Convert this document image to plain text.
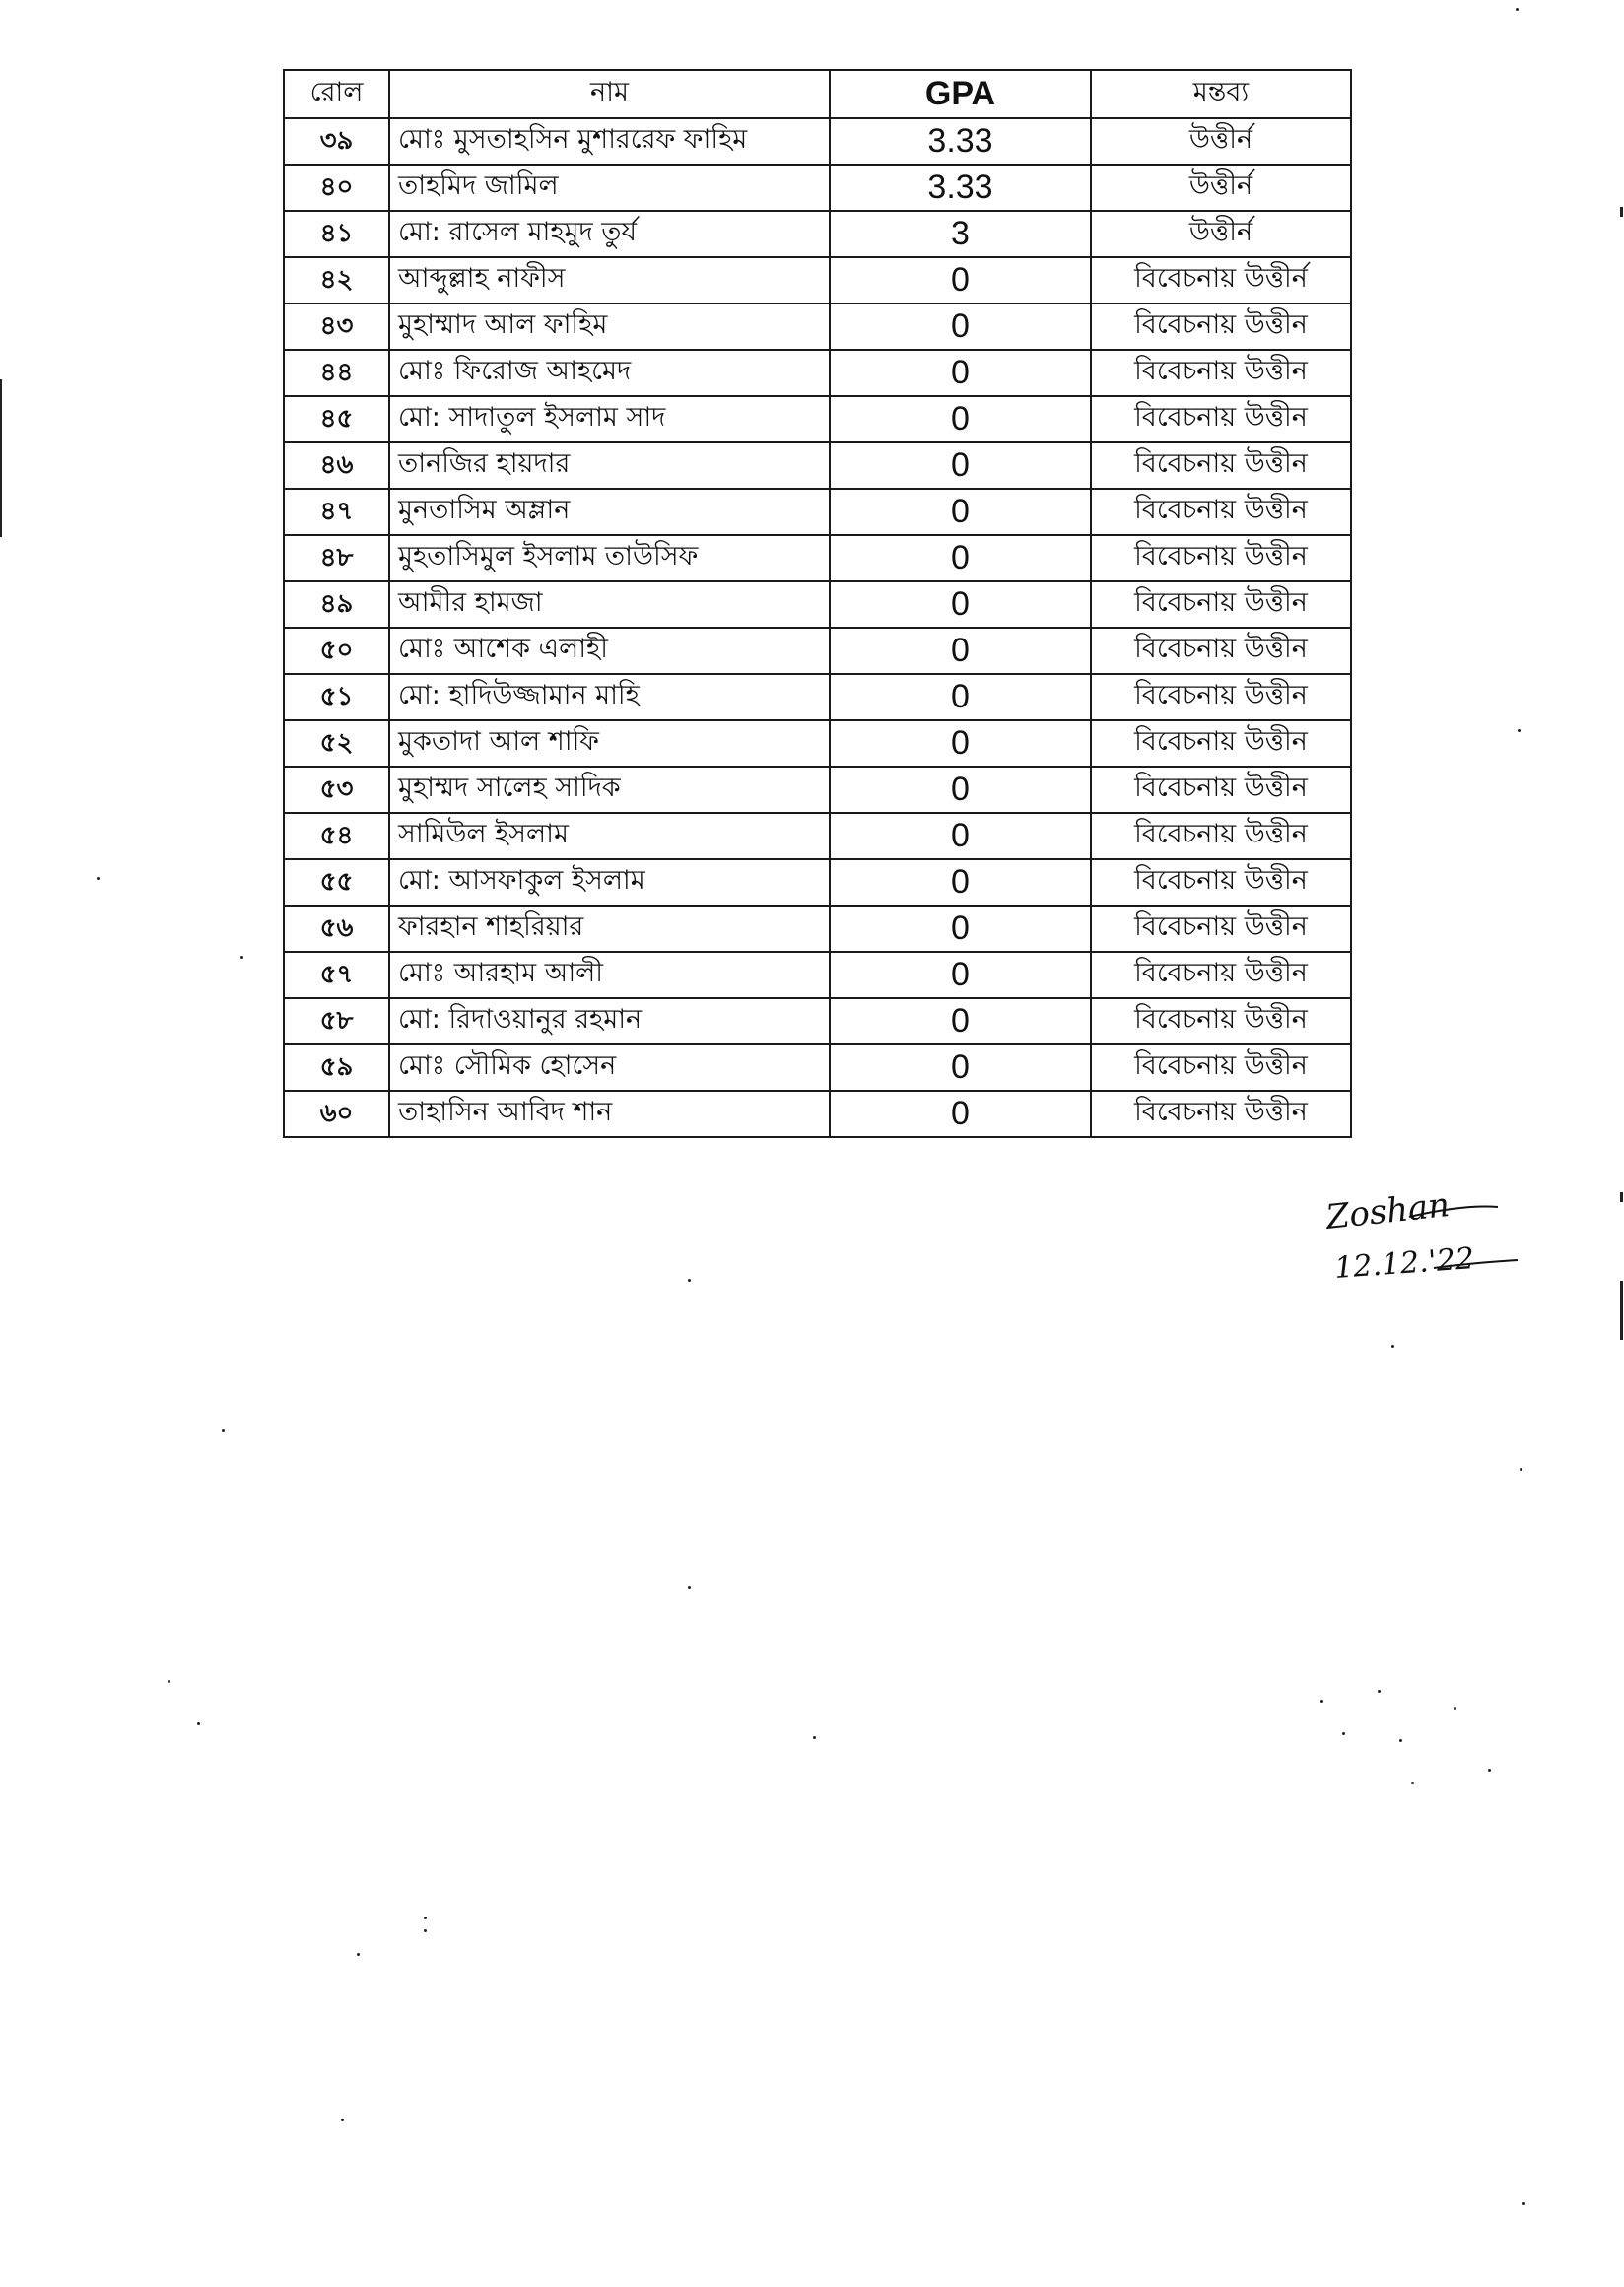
রোল	নাম	GPA	মন্তব্য
৩৯	মোঃ মুসতাহসিন মুশাররেফ ফাহিম	3.33	উত্তীর্ন
৪০	তাহমিদ জামিল	3.33	উত্তীর্ন
৪১	মো: রাসেল মাহমুদ তুর্য	3	উত্তীর্ন
৪২	আব্দুল্লাহ নাফীস	0	বিবেচনায় উত্তীর্ন
৪৩	মুহাম্মাদ আল ফাহিম	0	বিবেচনায় উত্তীন
৪৪	মোঃ ফিরোজ আহমেদ	0	বিবেচনায় উত্তীন
৪৫	মো: সাদাতুল ইসলাম সাদ	0	বিবেচনায় উত্তীন
৪৬	তানজির হায়দার	0	বিবেচনায় উত্তীন
৪৭	মুনতাসিম অম্লান	0	বিবেচনায় উত্তীন
৪৮	মুহতাসিমুল ইসলাম তাউসিফ	0	বিবেচনায় উত্তীন
৪৯	আমীর হামজা	0	বিবেচনায় উত্তীন
৫০	মোঃ আশেক এলাহী	0	বিবেচনায় উত্তীন
৫১	মো: হাদিউজ্জামান মাহি	0	বিবেচনায় উত্তীন
৫২	মুকতাদা আল শাফি	0	বিবেচনায় উত্তীন
৫৩	মুহাম্মদ সালেহ সাদিক	0	বিবেচনায় উত্তীন
৫৪	সামিউল ইসলাম	0	বিবেচনায় উত্তীন
৫৫	মো: আসফাকুল ইসলাম	0	বিবেচনায় উত্তীন
৫৬	ফারহান শাহরিয়ার	0	বিবেচনায় উত্তীন
৫৭	মোঃ আরহাম আলী	0	বিবেচনায় উত্তীন
৫৮	মো: রিদাওয়ানুর রহমান	0	বিবেচনায় উত্তীন
৫৯	মোঃ সৌমিক হোসেন	0	বিবেচনায় উত্তীন
৬০	তাহাসিন আবিদ শান	0	বিবেচনায় উত্তীন
Zoshan
12.12.'22
